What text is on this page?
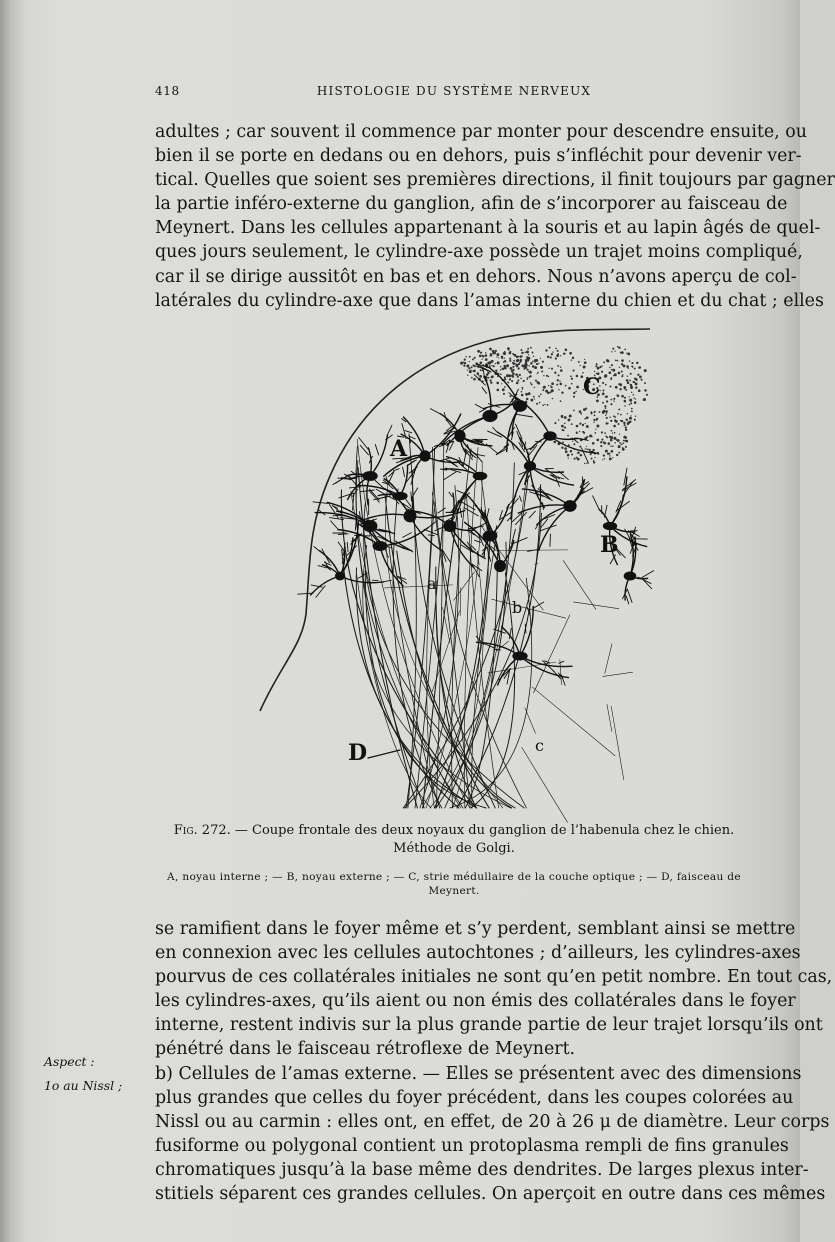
418	HISTOLOGIE DU SYSTÈME NERVEUX
adultes ; car souvent il commence par monter pour descendre ensuite, ou
bien il se porte en dedans ou en dehors, puis s’infléchit pour devenir ver-
tical. Quelles que soient ses premières directions, il finit toujours par gagner
la partie inféro-externe du ganglion, afin de s’incorporer au faisceau de
Meynert. Dans les cellules appartenant à la souris et au lapin âgés de quel-
ques jours seulement, le cylindre-axe possède un trajet moins compliqué,
car il se dirige aussitôt en bas et en dehors. Nous n’avons aperçu de col-
latérales du cylindre-axe que dans l’amas interne du chien et du chat ; elles
A
B
C
D
a
b
c
Fig. 272. — Coupe frontale des deux noyaux du ganglion de l’habenula chez le chien. Méthode de Golgi.
A, noyau interne ; — B, noyau externe ; — C, strie médullaire de la couche optique ; — D, faisceau de Meynert.
se ramifient dans le foyer même et s’y perdent, semblant ainsi se mettre
en connexion avec les cellules autochtones ; d’ailleurs, les cylindres-axes
pourvus de ces collatérales initiales ne sont qu’en petit nombre. En tout cas,
les cylindres-axes, qu’ils aient ou non émis des collatérales dans le foyer
interne, restent indivis sur la plus grande partie de leur trajet lorsqu’ils ont
pénétré dans le faisceau rétroflexe de Meynert.
b) Cellules de l’amas externe. — Elles se présentent avec des dimensions
plus grandes que celles du foyer précédent, dans les coupes colorées au
Nissl ou au carmin : elles ont, en effet, de 20 à 26 μ de diamètre. Leur corps
fusiforme ou polygonal contient un protoplasma rempli de fins granules
chromatiques jusqu’à la base même des dendrites. De larges plexus inter-
stitiels séparent ces grandes cellules. On aperçoit en outre dans ces mêmes
Aspect :
1o au Nissl ;
